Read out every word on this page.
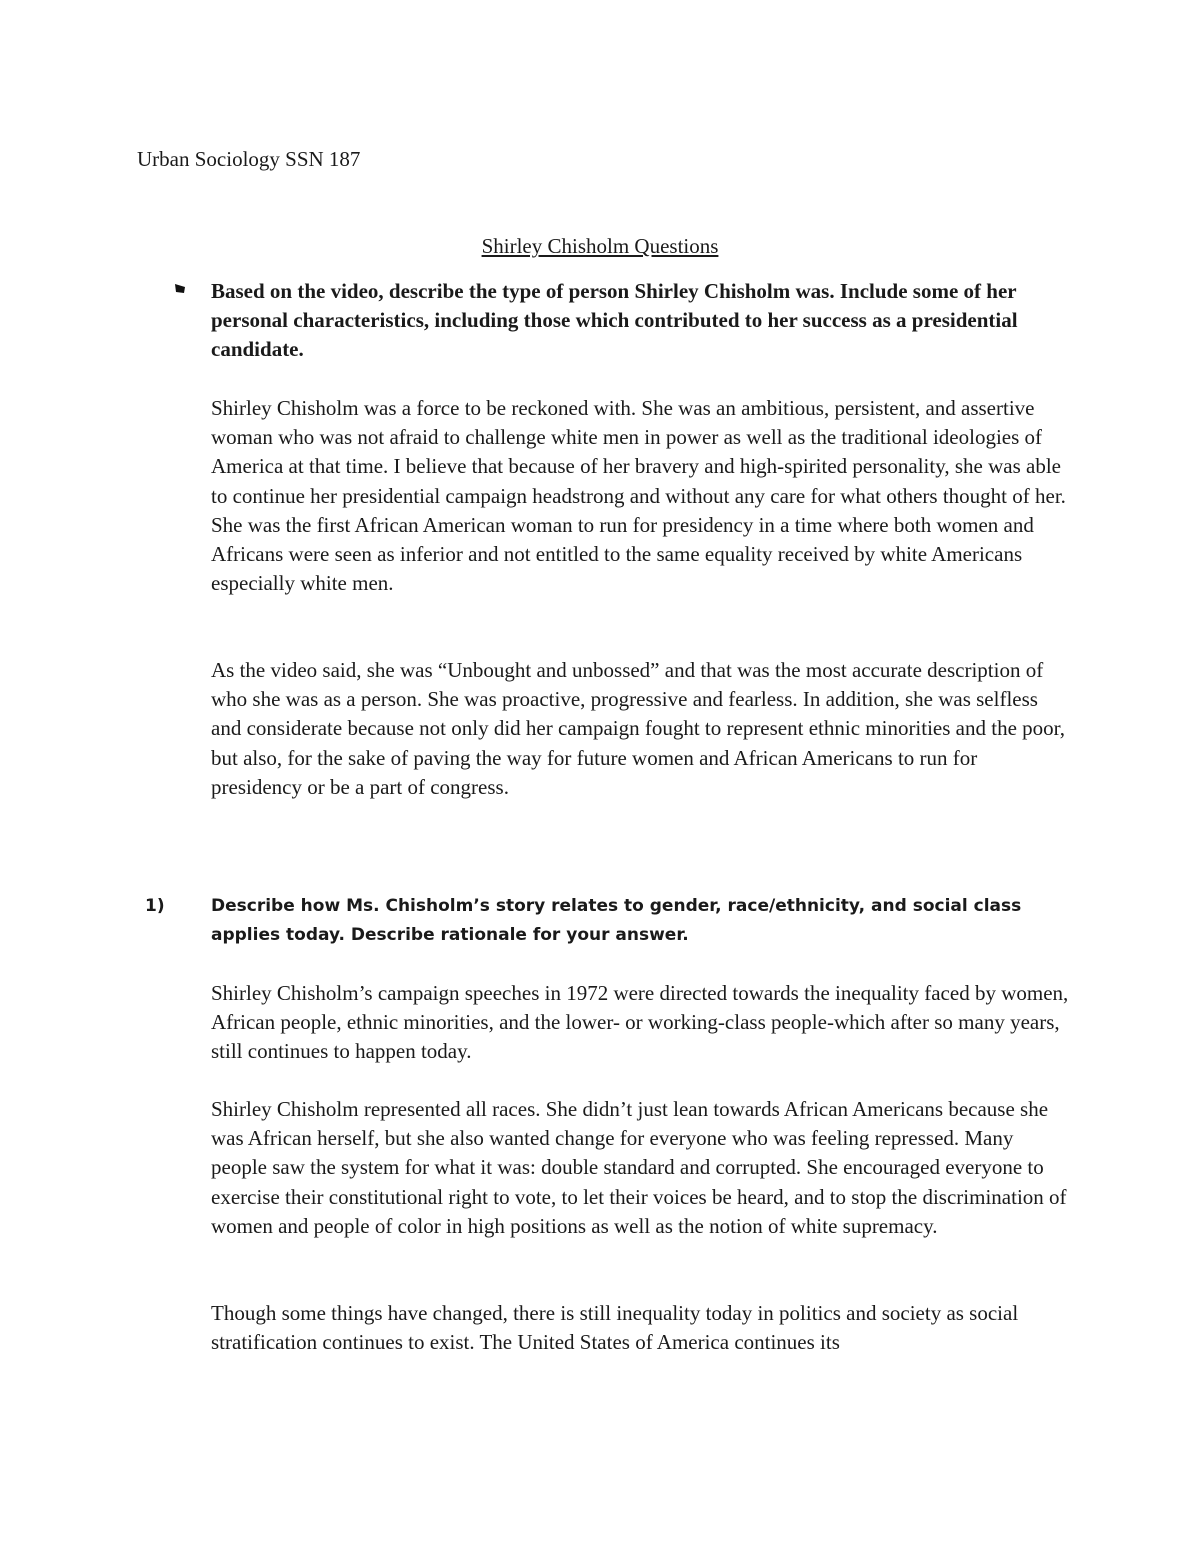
Urban Sociology SSN 187

Shirley Chisholm Questions

Based on the video, describe the type of person Shirley Chisholm was. Include some of her personal characteristics, including those which contributed to her success as a presidential candidate.

Shirley Chisholm was a force to be reckoned with. She was an ambitious, persistent, and assertive woman who was not afraid to challenge white men in power as well as the traditional ideologies of America at that time. I believe that because of her bravery and high-spirited personality, she was able to continue her presidential campaign headstrong and without any care for what others thought of her. She was the first African American woman to run for presidency in a time where both women and Africans were seen as inferior and not entitled to the same equality received by white Americans especially white men.

As the video said, she was “Unbought and unbossed” and that was the most accurate description of who she was as a person. She was proactive, progressive and fearless. In addition, she was selfless and considerate because not only did her campaign fought to represent ethnic minorities and the poor, but also, for the sake of paving the way for future women and African Americans to run for presidency or be a part of congress.

1)	Describe how Ms. Chisholm’s story relates to gender, race/ethnicity, and social class applies today. Describe rationale for your answer.

Shirley Chisholm’s campaign speeches in 1972 were directed towards the inequality faced by women, African people, ethnic minorities, and the lower- or working-class people-which after so many years, still continues to happen today.

Shirley Chisholm represented all races. She didn’t just lean towards African Americans because she was African herself, but she also wanted change for everyone who was feeling repressed. Many people saw the system for what it was: double standard and corrupted. She encouraged everyone to exercise their constitutional right to vote, to let their voices be heard, and to stop the discrimination of women and people of color in high positions as well as the notion of white supremacy.

Though some things have changed, there is still inequality today in politics and society as social stratification continues to exist. The United States of America continues its
